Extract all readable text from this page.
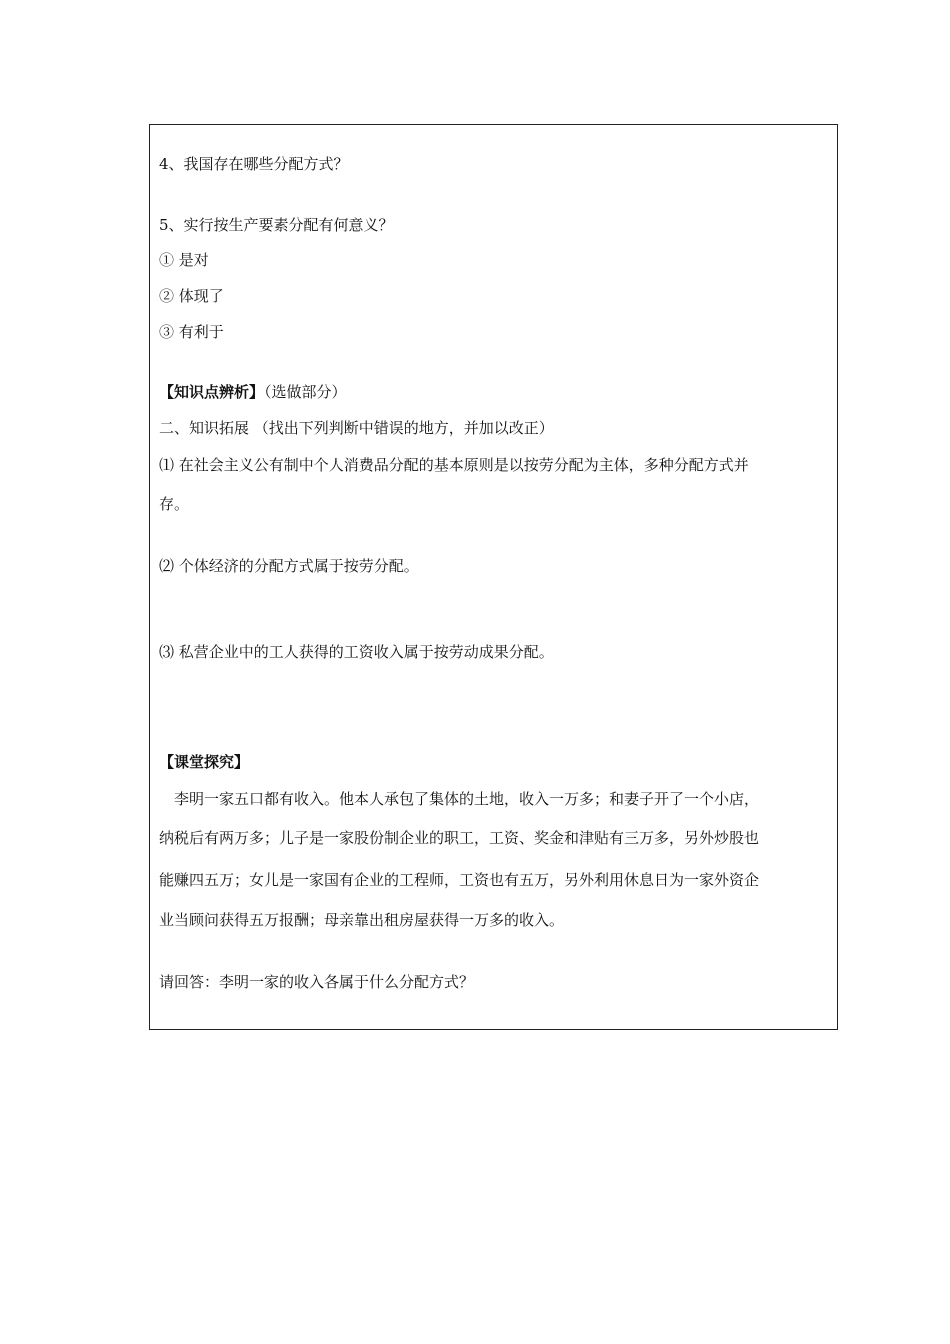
4、我国存在哪些分配方式？
5、实行按生产要素分配有何意义？
① 是对
② 体现了
③ 有利于
【知识点辨析】（选做部分）
二、知识拓展 （找出下列判断中错误的地方，并加以改正）
⑴ 在社会主义公有制中个人消费品分配的基本原则是以按劳分配为主体，多种分配方式并
存。
⑵ 个体经济的分配方式属于按劳分配。
⑶ 私营企业中的工人获得的工资收入属于按劳动成果分配。
【课堂探究】
李明一家五口都有收入。他本人承包了集体的土地，收入一万多；和妻子开了一个小店，
纳税后有两万多；儿子是一家股份制企业的职工，工资、奖金和津贴有三万多，另外炒股也
能赚四五万；女儿是一家国有企业的工程师，工资也有五万，另外利用休息日为一家外资企
业当顾问获得五万报酬；母亲靠出租房屋获得一万多的收入。
请回答：李明一家的收入各属于什么分配方式？
